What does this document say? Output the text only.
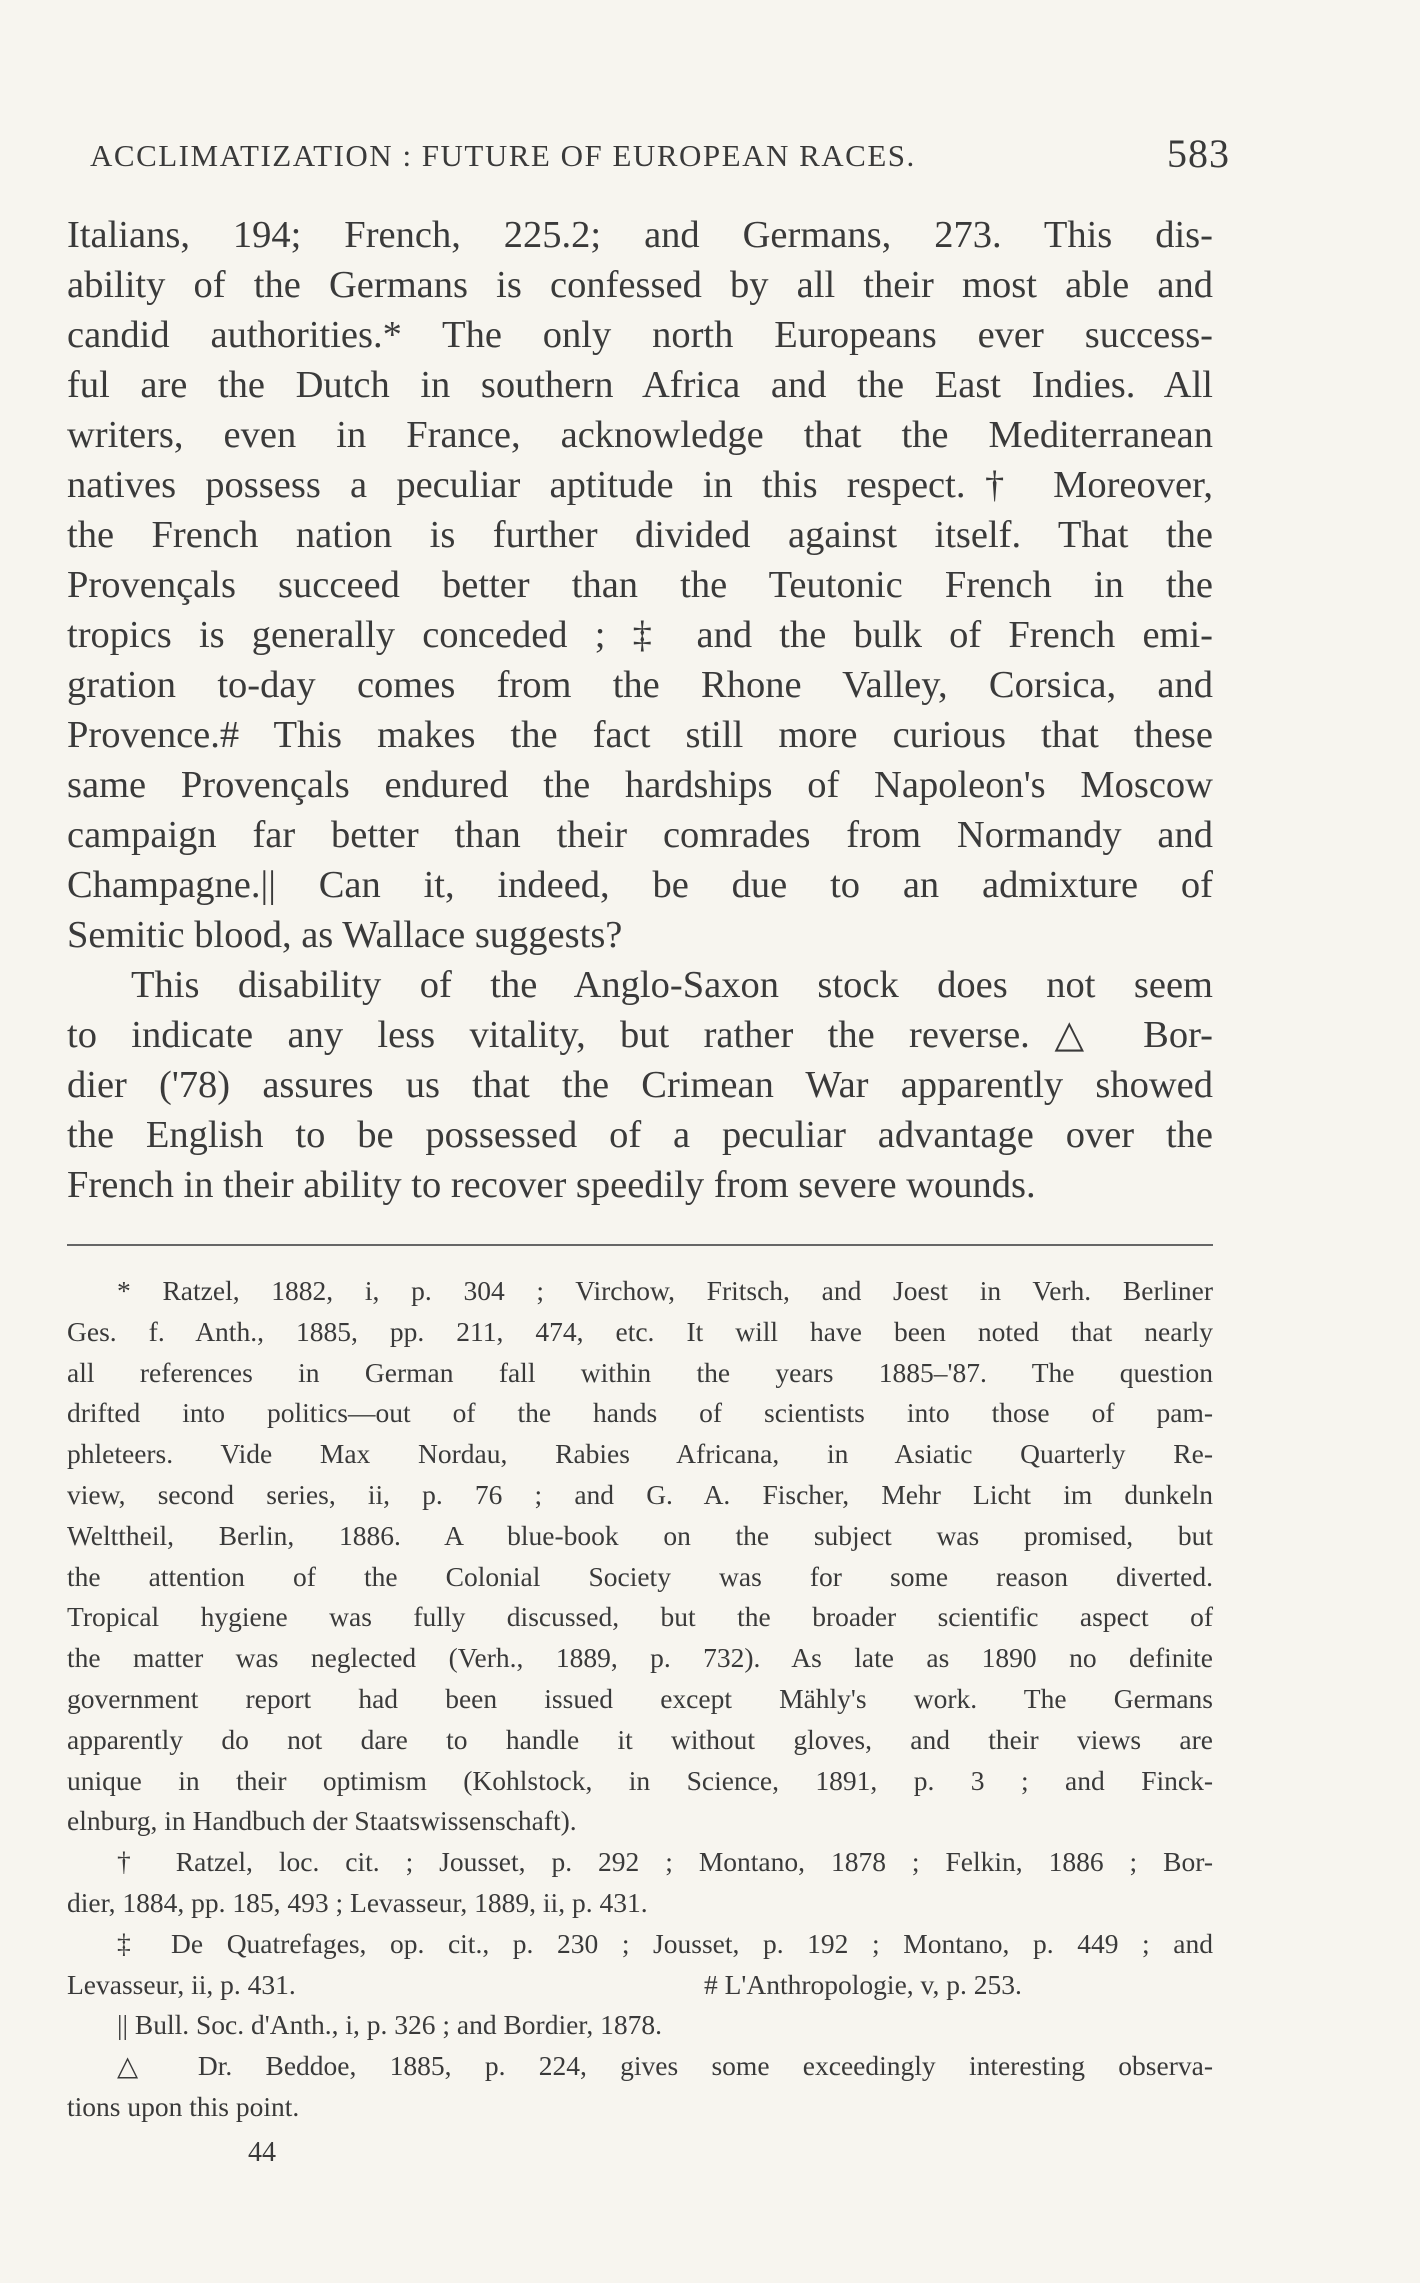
ACCLIMATIZATION : FUTURE OF EUROPEAN RACES.	583
Italians, 194; French, 225.2; and Germans, 273. This dis-
ability of the Germans is confessed by all their most able and
candid authorities.* The only north Europeans ever success-
ful are the Dutch in southern Africa and the East Indies. All
writers, even in France, acknowledge that the Mediterranean
natives possess a peculiar aptitude in this respect.† Moreover,
the French nation is further divided against itself. That the
Provençals succeed better than the Teutonic French in the
tropics is generally conceded ; ‡ and the bulk of French emi-
gration to-day comes from the Rhone Valley, Corsica, and
Provence.# This makes the fact still more curious that these
same Provençals endured the hardships of Napoleon's Moscow
campaign far better than their comrades from Normandy and
Champagne.|| Can it, indeed, be due to an admixture of
Semitic blood, as Wallace suggests?
This disability of the Anglo-Saxon stock does not seem
to indicate any less vitality, but rather the reverse.△ Bor-
dier ('78) assures us that the Crimean War apparently showed
the English to be possessed of a peculiar advantage over the
French in their ability to recover speedily from severe wounds.
* Ratzel, 1882, i, p. 304 ; Virchow, Fritsch, and Joest in Verh. Berliner
Ges. f. Anth., 1885, pp. 211, 474, etc. It will have been noted that nearly
all references in German fall within the years 1885–'87. The question
drifted into politics—out of the hands of scientists into those of pam-
phleteers. Vide Max Nordau, Rabies Africana, in Asiatic Quarterly Re-
view, second series, ii, p. 76 ; and G. A. Fischer, Mehr Licht im dunkeln
Welttheil, Berlin, 1886. A blue-book on the subject was promised, but
the attention of the Colonial Society was for some reason diverted.
Tropical hygiene was fully discussed, but the broader scientific aspect of
the matter was neglected (Verh., 1889, p. 732). As late as 1890 no definite
government report had been issued except Mähly's work. The Germans
apparently do not dare to handle it without gloves, and their views are
unique in their optimism (Kohlstock, in Science, 1891, p. 3 ; and Finck-
elnburg, in Handbuch der Staatswissenschaft).
† Ratzel, loc. cit. ; Jousset, p. 292 ; Montano, 1878 ; Felkin, 1886 ; Bor-
dier, 1884, pp. 185, 493 ; Levasseur, 1889, ii, p. 431.
‡ De Quatrefages, op. cit., p. 230 ; Jousset, p. 192 ; Montano, p. 449 ; and
Levasseur, ii, p. 431.	# L'Anthropologie, v, p. 253.
|| Bull. Soc. d'Anth., i, p. 326 ; and Bordier, 1878.
△ Dr. Beddoe, 1885, p. 224, gives some exceedingly interesting observa-
tions upon this point.
44
